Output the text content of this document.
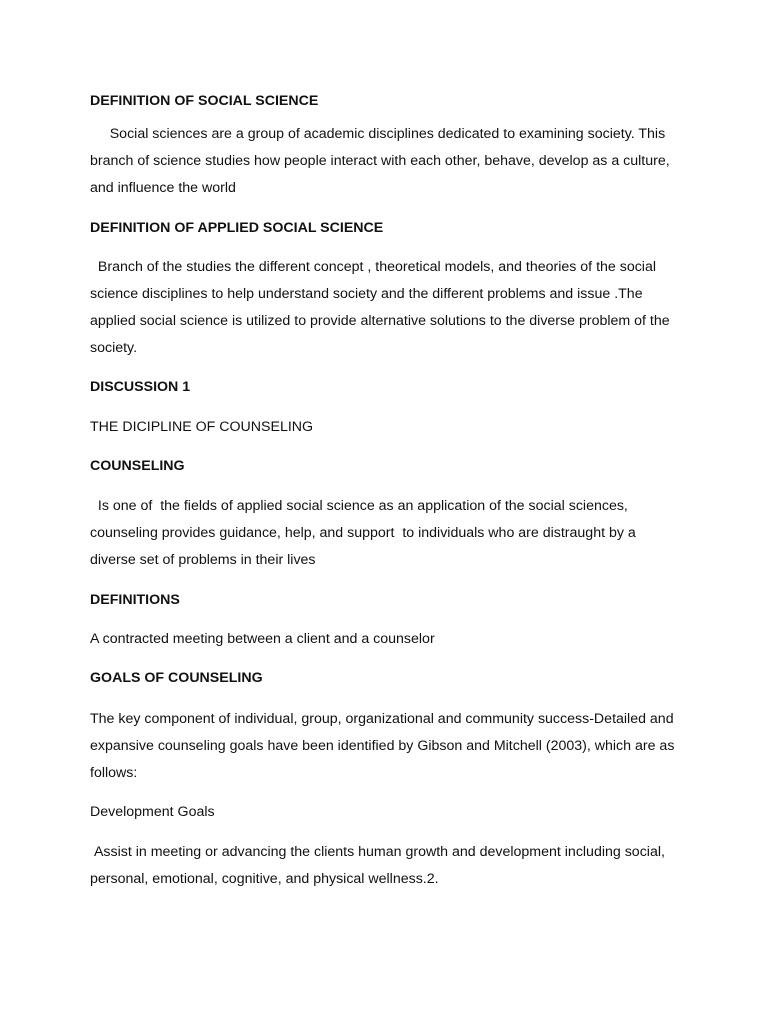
DEFINITION OF SOCIAL SCIENCE

Social sciences are a group of academic disciplines dedicated to examining society. This branch of science studies how people interact with each other, behave, develop as a culture, and influence the world

DEFINITION OF APPLIED SOCIAL SCIENCE

Branch of the studies the different concept , theoretical models, and theories of the social science disciplines to help understand society and the different problems and issue .The applied social science is utilized to provide alternative solutions to the diverse problem of the society.

DISCUSSION 1

THE DICIPLINE OF COUNSELING

COUNSELING

Is one of  the fields of applied social science as an application of the social sciences, counseling provides guidance, help, and support  to individuals who are distraught by a diverse set of problems in their lives

DEFINITIONS

A contracted meeting between a client and a counselor

GOALS OF COUNSELING

The key component of individual, group, organizational and community success-Detailed and expansive counseling goals have been identified by Gibson and Mitchell (2003), which are as follows:

Development Goals

Assist in meeting or advancing the clients human growth and development including social, personal, emotional, cognitive, and physical wellness.2.
